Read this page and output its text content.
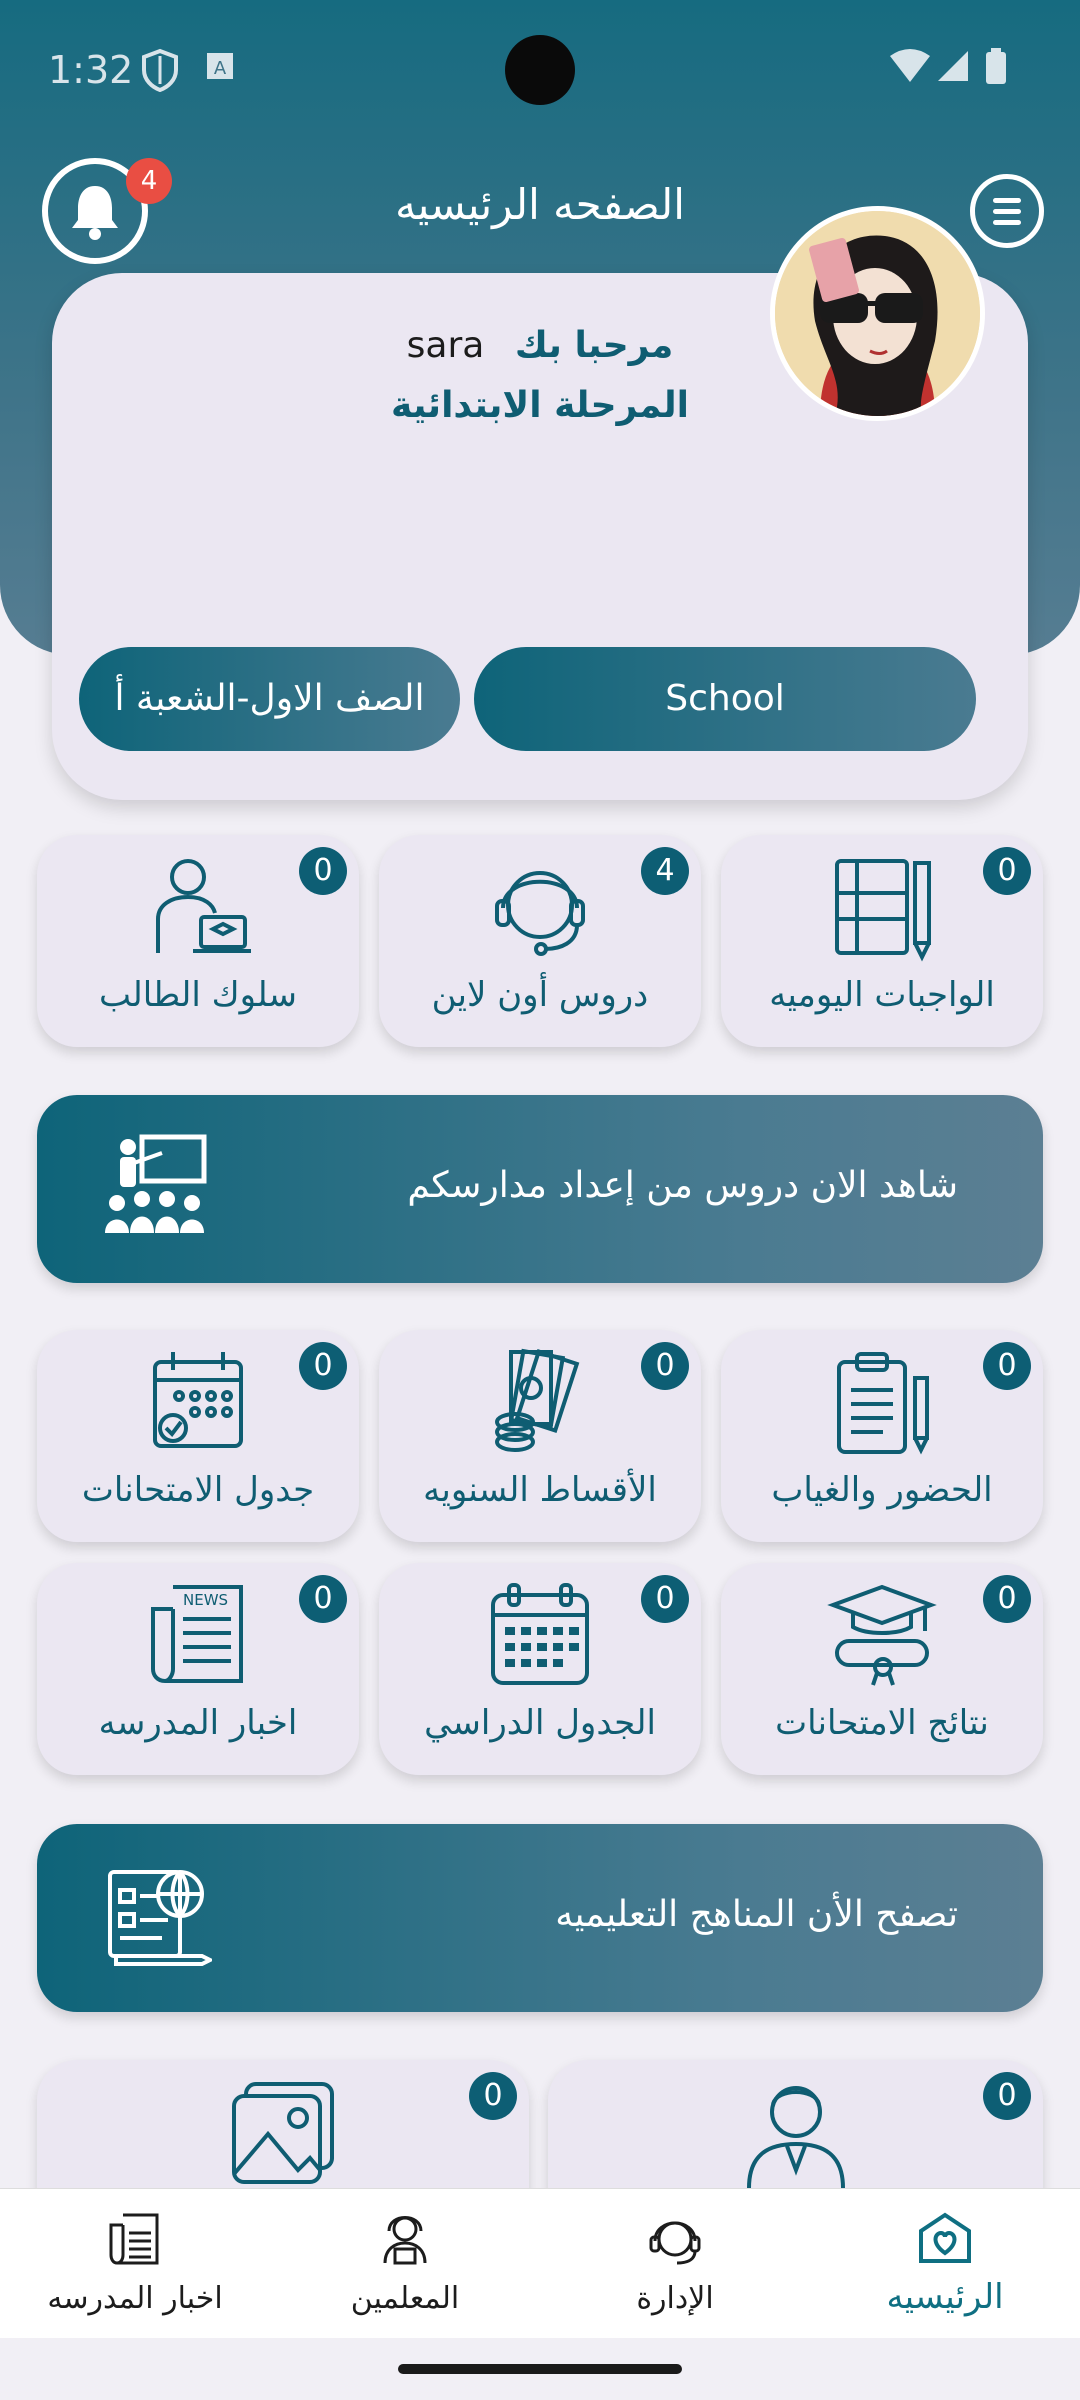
1:32	A
4	الصفحه الرئيسيه
sara مرحبا بك
المرحلة الابتدائية
الصف الاول-الشعبة أ	School
0
الواجبات اليوميه
4
دروس أون لاين
0
سلوك الطالب
شاهد الان دروس من إعداد مدارسكم
0
الحضور والغياب
0
الأقساط السنويه
0
جدول الامتحانات
0
نتائج الامتحانات
0
الجدول الدراسي
NEWS	0
اخبار المدرسه
تصفح الأن المناهج التعليميه
0
0
الرئيسيه
الإدارة
المعلمين
اخبار المدرسه
